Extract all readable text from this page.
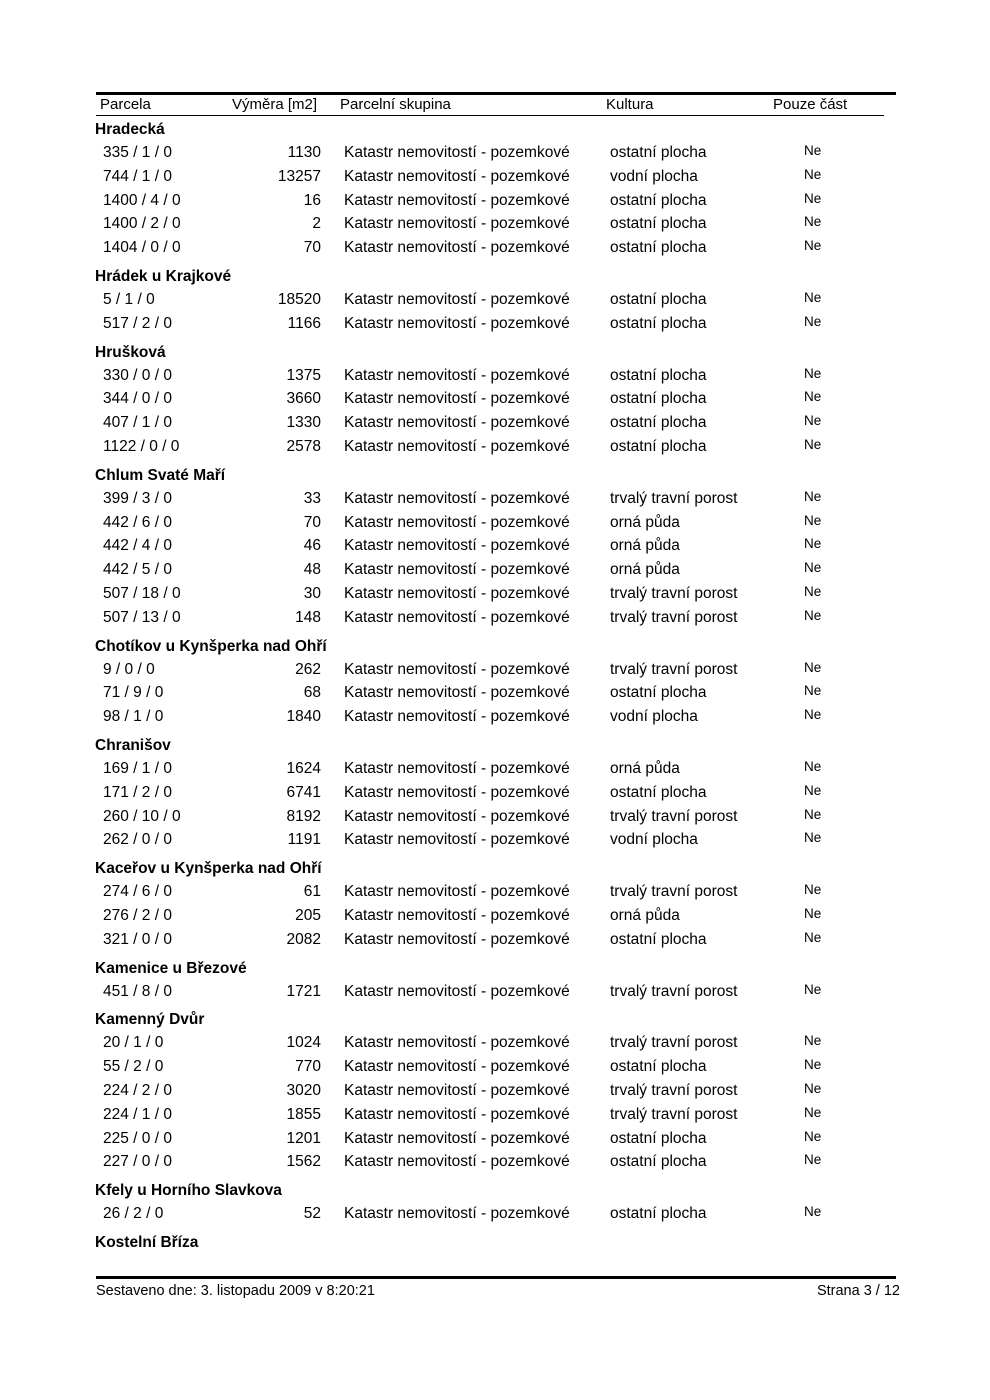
Parcela	Výměra [m2] Parcelní skupina	Kultura	Pouze část
Hradecká
335 / 1 / 0	1130 Katastr nemovitostí - pozemkové	ostatní plocha	Ne
744 / 1 / 0	13257 Katastr nemovitostí - pozemkové	vodní plocha	Ne
1400 / 4 / 0	16 Katastr nemovitostí - pozemkové	ostatní plocha	Ne
1400 / 2 / 0	2 Katastr nemovitostí - pozemkové	ostatní plocha	Ne
1404 / 0 / 0	70 Katastr nemovitostí - pozemkové	ostatní plocha	Ne
Hrádek u Krajkové
5 / 1 / 0	18520 Katastr nemovitostí - pozemkové	ostatní plocha	Ne
517 / 2 / 0	1166 Katastr nemovitostí - pozemkové	ostatní plocha	Ne
Hrušková
330 / 0 / 0	1375 Katastr nemovitostí - pozemkové	ostatní plocha	Ne
344 / 0 / 0	3660 Katastr nemovitostí - pozemkové	ostatní plocha	Ne
407 / 1 / 0	1330 Katastr nemovitostí - pozemkové	ostatní plocha	Ne
1122 / 0 / 0	2578 Katastr nemovitostí - pozemkové	ostatní plocha	Ne
Chlum Svaté Maří
399 / 3 / 0	33 Katastr nemovitostí - pozemkové	trvalý travní porost	Ne
442 / 6 / 0	70 Katastr nemovitostí - pozemkové	orná půda	Ne
442 / 4 / 0	46 Katastr nemovitostí - pozemkové	orná půda	Ne
442 / 5 / 0	48 Katastr nemovitostí - pozemkové	orná půda	Ne
507 / 18 / 0	30 Katastr nemovitostí - pozemkové	trvalý travní porost	Ne
507 / 13 / 0	148 Katastr nemovitostí - pozemkové	trvalý travní porost	Ne
Chotíkov u Kynšperka nad Ohří
9 / 0 / 0	262 Katastr nemovitostí - pozemkové	trvalý travní porost	Ne
71 / 9 / 0	68 Katastr nemovitostí - pozemkové	ostatní plocha	Ne
98 / 1 / 0	1840 Katastr nemovitostí - pozemkové	vodní plocha	Ne
Chranišov
169 / 1 / 0	1624 Katastr nemovitostí - pozemkové	orná půda	Ne
171 / 2 / 0	6741 Katastr nemovitostí - pozemkové	ostatní plocha	Ne
260 / 10 / 0	8192 Katastr nemovitostí - pozemkové	trvalý travní porost	Ne
262 / 0 / 0	1191 Katastr nemovitostí - pozemkové	vodní plocha	Ne
Kaceřov u Kynšperka nad Ohří
274 / 6 / 0	61 Katastr nemovitostí - pozemkové	trvalý travní porost	Ne
276 / 2 / 0	205 Katastr nemovitostí - pozemkové	orná půda	Ne
321 / 0 / 0	2082 Katastr nemovitostí - pozemkové	ostatní plocha	Ne
Kamenice u Březové
451 / 8 / 0	1721 Katastr nemovitostí - pozemkové	trvalý travní porost	Ne
Kamenný Dvůr
20 / 1 / 0	1024 Katastr nemovitostí - pozemkové	trvalý travní porost	Ne
55 / 2 / 0	770 Katastr nemovitostí - pozemkové	ostatní plocha	Ne
224 / 2 / 0	3020 Katastr nemovitostí - pozemkové	trvalý travní porost	Ne
224 / 1 / 0	1855 Katastr nemovitostí - pozemkové	trvalý travní porost	Ne
225 / 0 / 0	1201 Katastr nemovitostí - pozemkové	ostatní plocha	Ne
227 / 0 / 0	1562 Katastr nemovitostí - pozemkové	ostatní plocha	Ne
Kfely u Horního Slavkova
26 / 2 / 0	52 Katastr nemovitostí - pozemkové	ostatní plocha	Ne
Kostelní Bříza
Sestaveno dne: 3. listopadu 2009 v 8:20:21	Strana 3 / 12
